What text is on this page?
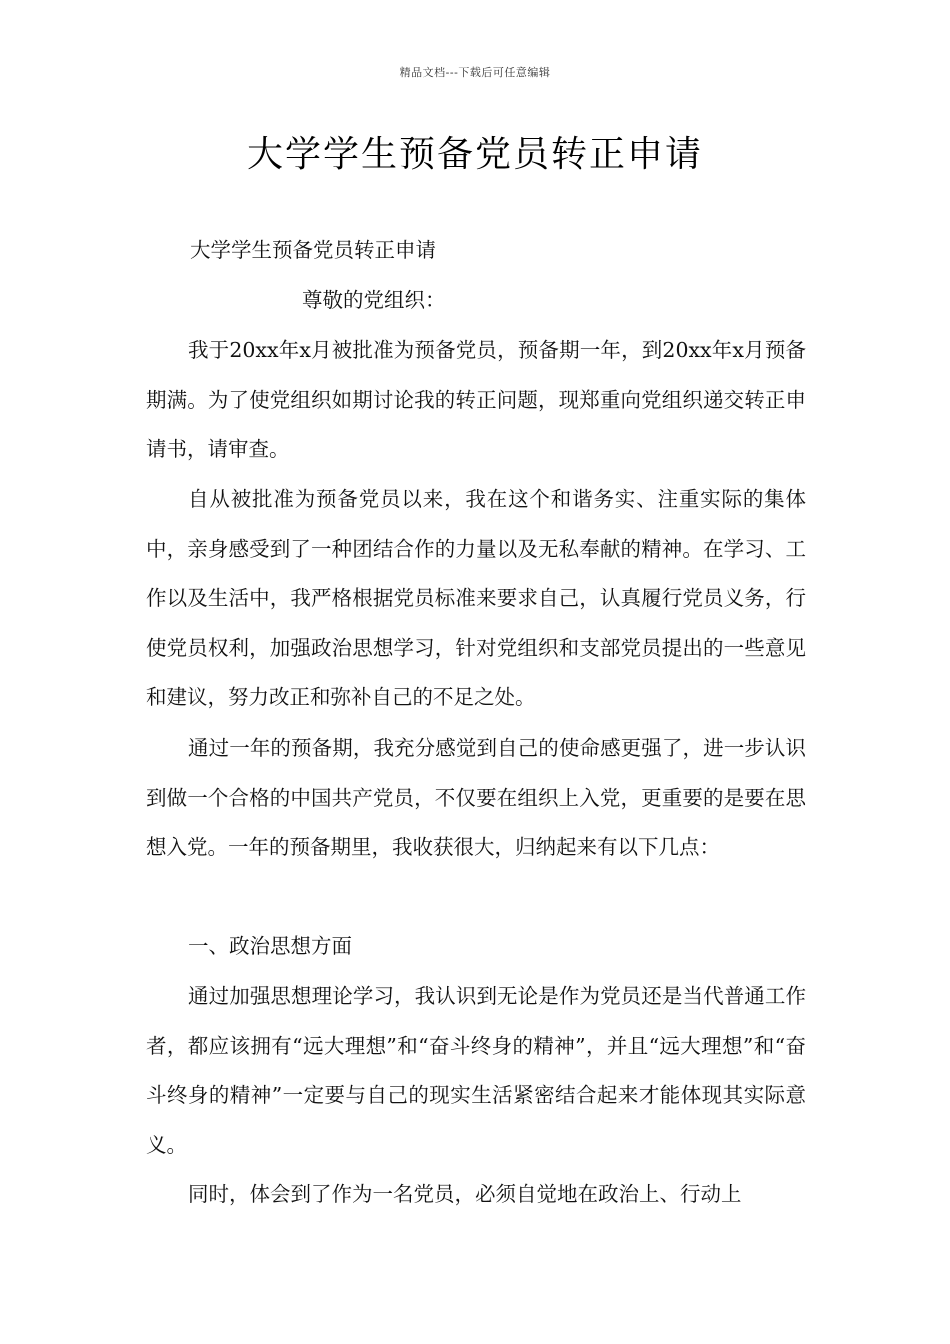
精品文档---下载后可任意编辑
大学学生预备党员转正申请

大学学生预备党员转正申请

尊敬的党组织：

我于20xx年x月被批准为预备党员，预备期一年，到20xx年x月预备期满。为了使党组织如期讨论我的转正问题，现郑重向党组织递交转正申请书，请审查。

自从被批准为预备党员以来，我在这个和谐务实、注重实际的集体中，亲身感受到了一种团结合作的力量以及无私奉献的精神。在学习、工作以及生活中，我严格根据党员标准来要求自己，认真履行党员义务，行使党员权利，加强政治思想学习，针对党组织和支部党员提出的一些意见和建议，努力改正和弥补自己的不足之处。

通过一年的预备期，我充分感觉到自己的使命感更强了，进一步认识到做一个合格的中国共产党员，不仅要在组织上入党，更重要的是要在思想入党。一年的预备期里，我收获很大，归纳起来有以下几点：

一、政治思想方面

通过加强思想理论学习，我认识到无论是作为党员还是当代普通工作者，都应该拥有“远大理想”和“奋斗终身的精神”，并且“远大理想”和“奋斗终身的精神”一定要与自己的现实生活紧密结合起来才能体现其实际意义。

同时，体会到了作为一名党员，必须自觉地在政治上、行动上
